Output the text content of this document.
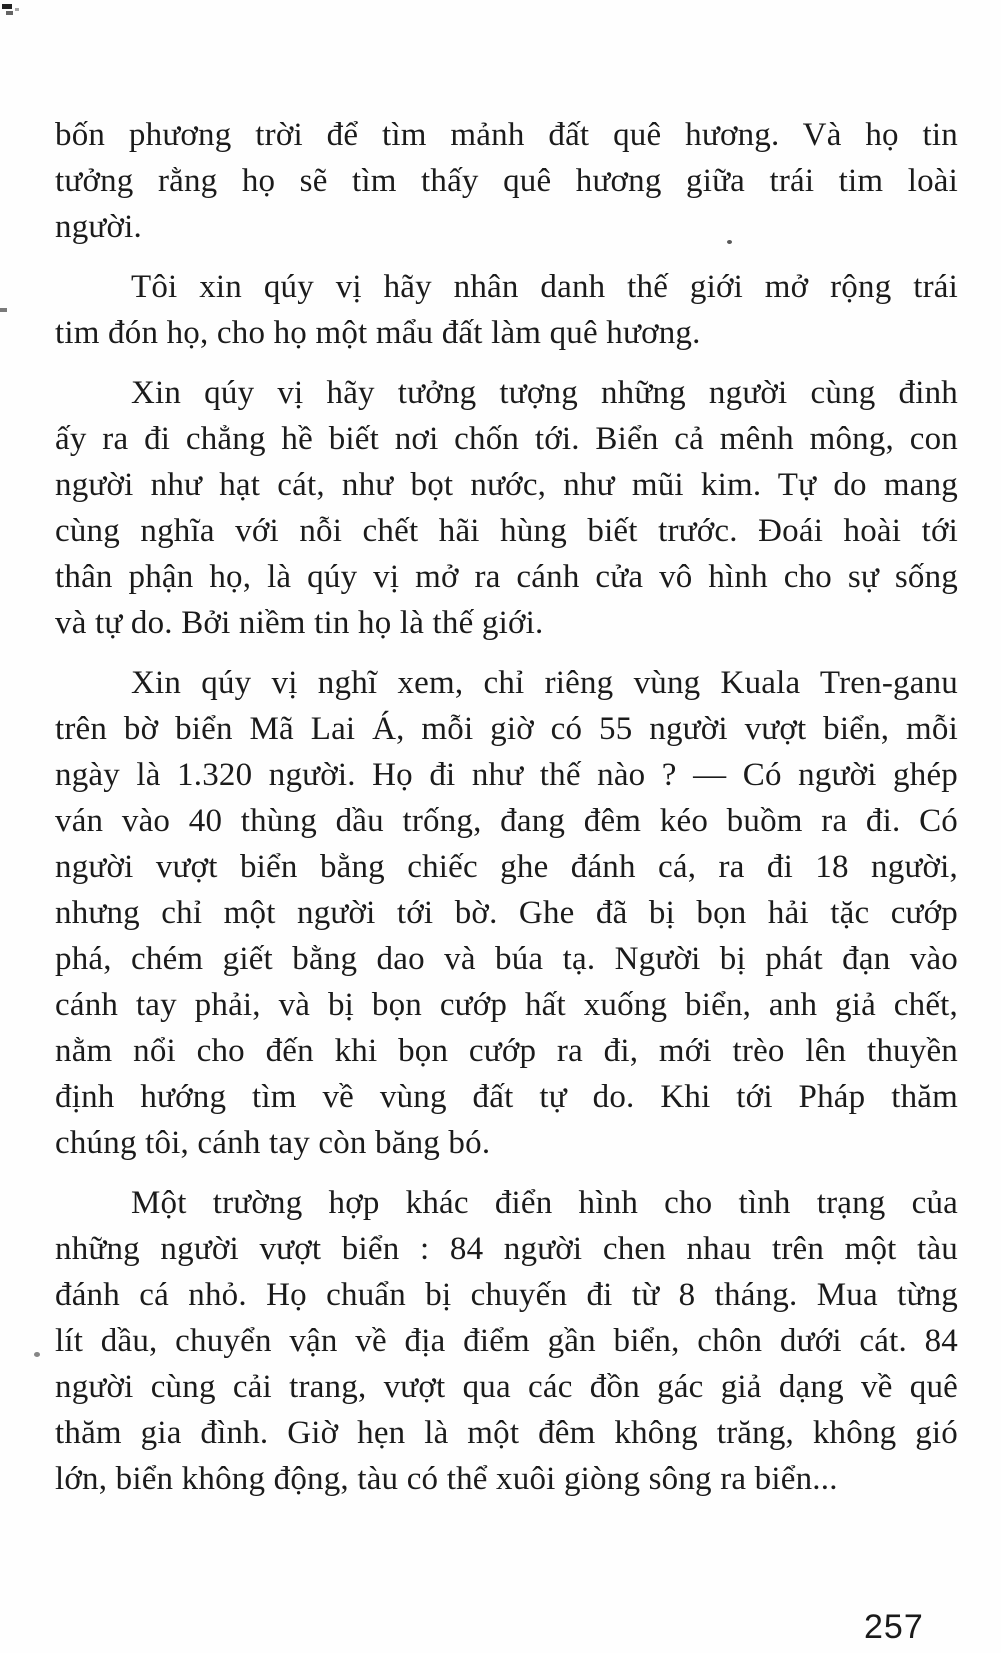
bốn phương trời để tìm mảnh đất quê hương. Và họ tin
tưởng rằng họ sẽ tìm thấy quê hương giữa trái tim loài
người.
Tôi xin qúy vị hãy nhân danh thế giới mở rộng trái
tim đón họ, cho họ một mẩu đất làm quê hương.
Xin qúy vị hãy tưởng tượng những người cùng đinh
ấy ra đi chẳng hề biết nơi chốn tới. Biển cả mênh mông, con
người như hạt cát, như bọt nước, như mũi kim. Tự do mang
cùng nghĩa với nỗi chết hãi hùng biết trước. Đoái hoài tới
thân phận họ, là qúy vị mở ra cánh cửa vô hình cho sự sống
và tự do. Bởi niềm tin họ là thế giới.
Xin qúy vị nghĩ xem, chỉ riêng vùng Kuala Tren-ganu
trên bờ biển Mã Lai Á, mỗi giờ có 55 người vượt biển, mỗi
ngày là 1.320 người. Họ đi như thế nào ? — Có người ghép
ván vào 40 thùng dầu trống, đang đêm kéo buồm ra đi. Có
người vượt biển bằng chiếc ghe đánh cá, ra đi 18 người,
nhưng chỉ một người tới bờ. Ghe đã bị bọn hải tặc cướp
phá, chém giết bằng dao và búa tạ. Người bị phát đạn vào
cánh tay phải, và bị bọn cướp hất xuống biển, anh giả chết,
nằm nổi cho đến khi bọn cướp ra đi, mới trèo lên thuyền
định hướng tìm về vùng đất tự do. Khi tới Pháp thăm
chúng tôi, cánh tay còn băng bó.
Một trường hợp khác điển hình cho tình trạng của
những người vượt biển : 84 người chen nhau trên một tàu
đánh cá nhỏ. Họ chuẩn bị chuyến đi từ 8 tháng. Mua từng
lít dầu, chuyển vận về địa điểm gần biển, chôn dưới cát. 84
người cùng cải trang, vượt qua các đồn gác giả dạng về quê
thăm gia đình. Giờ hẹn là một đêm không trăng, không gió
lớn, biển không động, tàu có thể xuôi giòng sông ra biển...
257
